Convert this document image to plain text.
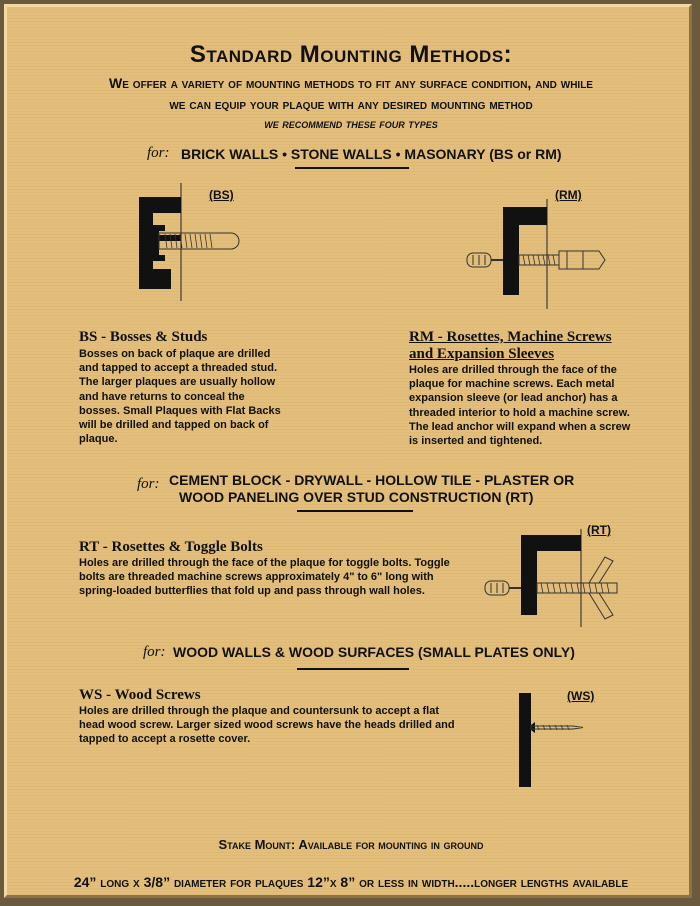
Standard Mounting Methods:
We offer a variety of mounting methods to fit any surface condition, and while
we can equip your plaque with any desired mounting method
we recommend these four types
for: BRICK WALLS • STONE WALLS • MASONARY (BS or RM)
(BS)	(RM)
BS - Bosses & Studs
Bosses on back of plaque are drilled and tapped to accept a threaded stud. The larger plaques are usually hollow and have returns to conceal the bosses. Small Plaques with Flat Backs will be drilled and tapped on back of plaque.
RM - Rosettes, Machine Screws
and Expansion Sleeves
Holes are drilled through the face of the plaque for machine screws. Each metal expansion sleeve (or lead anchor) has a threaded interior to hold a machine screw. The lead anchor will expand when a screw is inserted and tightened.
for: CEMENT BLOCK - DRYWALL - HOLLOW TILE - PLASTER OR
WOOD PANELING OVER STUD CONSTRUCTION (RT)
RT - Rosettes & Toggle Bolts
Holes are drilled through the face of the plaque for toggle bolts. Toggle bolts are threaded machine screws approximately 4" to 6" long with spring-loaded butterflies that fold up and pass through wall holes.
(RT)
for: WOOD WALLS & WOOD SURFACES (SMALL PLATES ONLY)
WS - Wood Screws
Holes are drilled through the plaque and countersunk to accept a flat head wood screw. Larger sized wood screws have the heads drilled and tapped to accept a rosette cover.
(WS)
Stake Mount: Available for mounting in ground
24” long x 3/8” diameter for plaques 12”x 8” or less in width.....longer lengths available
